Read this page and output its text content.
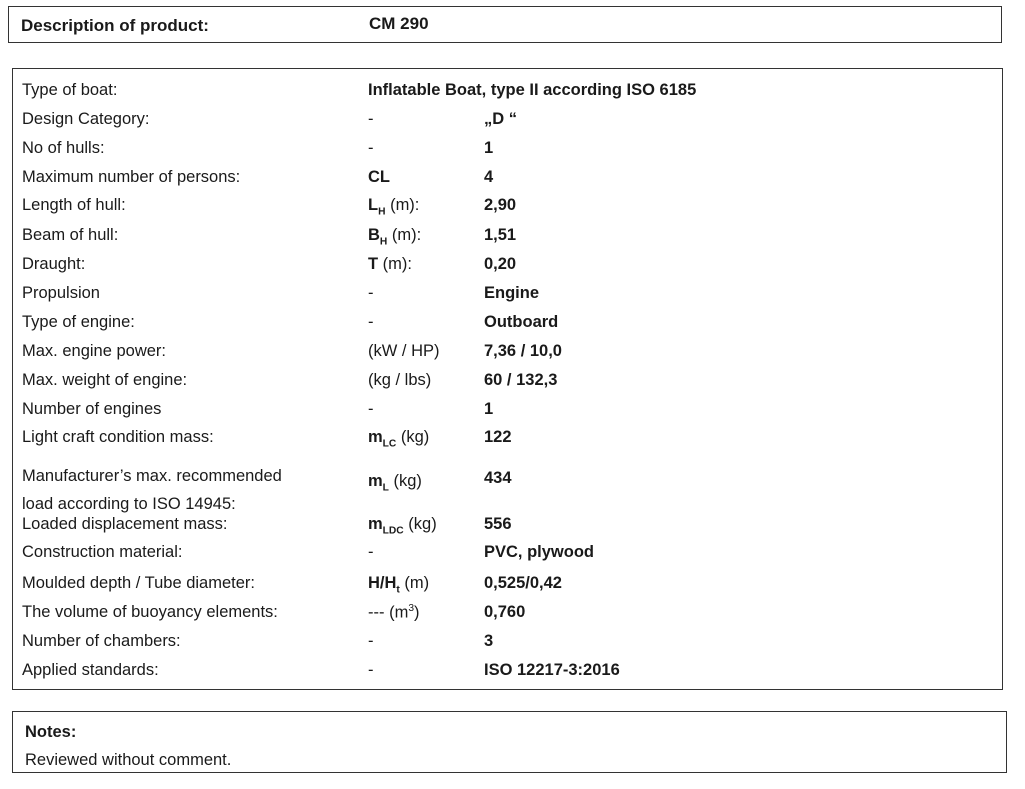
Description of product:	CM 290
Type of boat:	Inflatable Boat, type II according ISO 6185
Design Category:	-	„D “
No of hulls:	-	1
Maximum number of persons:	CL	4
Length of hull:	$L_H$ (m):	2,90
Beam of hull:	$B_H$ (m):	1,51
Draught:	T (m):	0,20
Propulsion	-	Engine
Type of engine:	-	Outboard
Max. engine power:	(kW / HP)	7,36 / 10,0
Max. weight of engine:	(kg / lbs)	60 / 132,3
Number of engines	-	1
Light craft condition mass:	$m_{LC}$ (kg)	122
Manufacturer’s max. recommended
load according to ISO 14945:
$m_L$ (kg)	434
Loaded displacement mass:	$m_{LDC}$ (kg)	556
Construction material:	-	PVC, plywood
Moulded depth / Tube diameter:	$H/H_t$ (m)	0,525/0,42
The volume of buoyancy elements:	--- $(m^3)$	0,760
Number of chambers:	-	3
Applied standards:	-	ISO 12217-3:2016
Notes:
Reviewed without comment.
